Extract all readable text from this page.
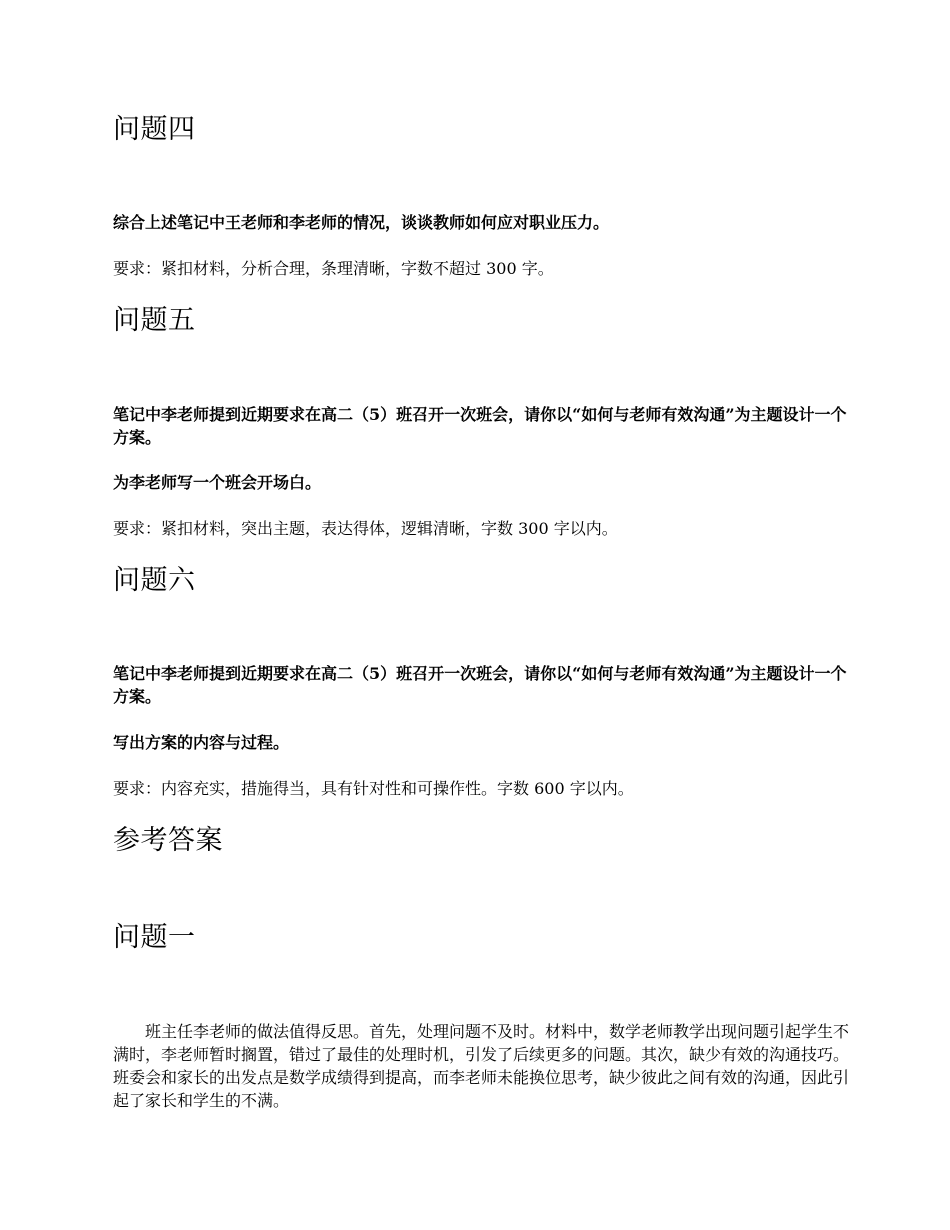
问题四

综合上述笔记中王老师和李老师的情况，谈谈教师如何应对职业压力。

要求：紧扣材料，分析合理，条理清晰，字数不超过 300 字。

问题五

笔记中李老师提到近期要求在高二（5）班召开一次班会，请你以“如何与老师有效沟通”为主题设计一个方案。

为李老师写一个班会开场白。

要求：紧扣材料，突出主题，表达得体，逻辑清晰，字数 300 字以内。

问题六

笔记中李老师提到近期要求在高二（5）班召开一次班会，请你以“如何与老师有效沟通”为主题设计一个方案。

写出方案的内容与过程。

要求：内容充实，措施得当，具有针对性和可操作性。字数 600 字以内。

参考答案
问题一

班主任李老师的做法值得反思。首先，处理问题不及时。材料中，数学老师教学出现问题引起学生不满时，李老师暂时搁置，错过了最佳的处理时机，引发了后续更多的问题。其次，缺少有效的沟通技巧。班委会和家长的出发点是数学成绩得到提高，而李老师未能换位思考，缺少彼此之间有效的沟通，因此引起了家长和学生的不满。
